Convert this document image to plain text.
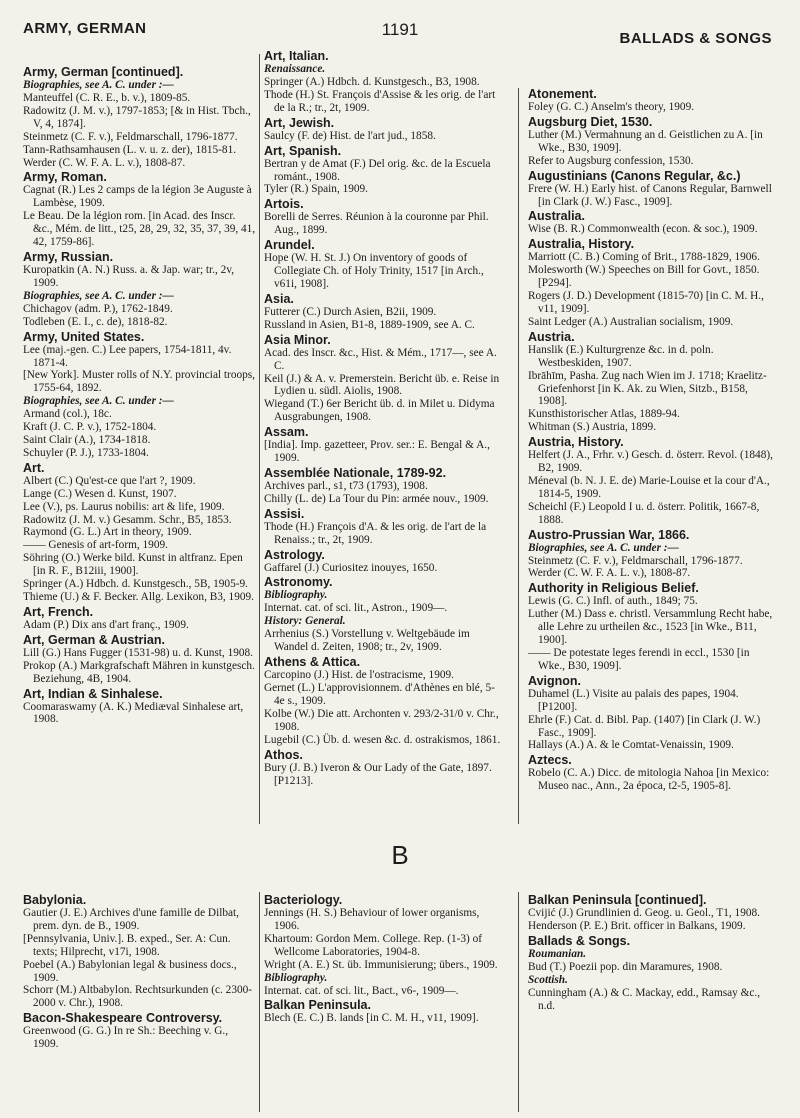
ARMY, GERMAN	1191	BALLADS & SONGS
Army, German [continued].
Biographies, see A. C. under :—
Manteuffel (C. R. E., b. v.), 1809-85.
Radowitz (J. M. v.), 1797-1853; [& in Hist. Tbch., V, 4, 1874].
Steinmetz (C. F. v.), Feldmarschall, 1796-1877.
Tann-Rathsamhausen (L. v. u. z. der), 1815-81.
Werder (C. W. F. A. L. v.), 1808-87.
Army, Roman.
Cagnat (R.) Les 2 camps de la légion 3e Auguste à Lambèse, 1909.
Le Beau. De la légion rom. [in Acad. des Inscr. &c., Mém. de litt., t25, 28, 29, 32, 35, 37, 39, 41, 42, 1759-86].
Army, Russian.
Kuropatkin (A. N.) Russ. a. & Jap. war; tr., 2v, 1909.
Biographies, see A. C. under :—
Chichagov (adm. P.), 1762-1849.
Todleben (E. I., c. de), 1818-82.
Army, United States.
Lee (maj.-gen. C.) Lee papers, 1754-1811, 4v. 1871-4.
[New York]. Muster rolls of N.Y. provincial troops, 1755-64, 1892.
Biographies, see A. C. under :—
Armand (col.), 18c.
Kraft (J. C. P. v.), 1752-1804.
Saint Clair (A.), 1734-1818.
Schuyler (P. J.), 1733-1804.
Art.
Albert (C.) Qu'est-ce que l'art ?, 1909.
Lange (C.) Wesen d. Kunst, 1907.
Lee (V.), ps. Laurus nobilis: art & life, 1909.
Radowitz (J. M. v.) Gesamm. Schr., B5, 1853.
Raymond (G. L.) Art in theory, 1909.
—— Genesis of art-form, 1909.
Söhring (O.) Werke bild. Kunst in altfranz. Epen [in R. F., B12iii, 1900].
Springer (A.) Hdbch. d. Kunstgesch., 5B, 1905-9.
Thieme (U.) & F. Becker. Allg. Lexikon, B3, 1909.
Art, French.
Adam (P.) Dix ans d'art franç., 1909.
Art, German & Austrian.
Lill (G.) Hans Fugger (1531-98) u. d. Kunst, 1908.
Prokop (A.) Markgrafschaft Mähren in kunstgesch. Beziehung, 4B, 1904.
Art, Indian & Sinhalese.
Coomaraswamy (A. K.) Mediæval Sinhalese art, 1908.
Art, Italian.
Renaissance.
Springer (A.) Hdbch. d. Kunstgesch., B3, 1908.
Thode (H.) St. François d'Assise & les orig. de l'art de la R.; tr., 2t, 1909.
Art, Jewish.
Saulcy (F. de) Hist. de l'art jud., 1858.
Art, Spanish.
Bertran y de Amat (F.) Del orig. &c. de la Escuela románt., 1908.
Tyler (R.) Spain, 1909.
Artois.
Borelli de Serres. Réunion à la couronne par Phil. Aug., 1899.
Arundel.
Hope (W. H. St. J.) On inventory of goods of Collegiate Ch. of Holy Trinity, 1517 [in Arch., v61i, 1908].
Asia.
Futterer (C.) Durch Asien, B2ii, 1909.
Russland in Asien, B1-8, 1889-1909, see A. C.
Asia Minor.
Acad. des Inscr. &c., Hist. & Mém., 1717—, see A. C.
Keil (J.) & A. v. Premerstein. Bericht üb. e. Reise in Lydien u. südl. Aiolis, 1908.
Wiegand (T.) 6er Bericht üb. d. in Milet u. Didyma Ausgrabungen, 1908.
Assam.
[India]. Imp. gazetteer, Prov. ser.: E. Bengal & A., 1909.
Assemblée Nationale, 1789-92.
Archives parl., s1, t73 (1793), 1908.
Chilly (L. de) La Tour du Pin: armée nouv., 1909.
Assisi.
Thode (H.) François d'A. & les orig. de l'art de la Renaiss.; tr., 2t, 1909.
Astrology.
Gaffarel (J.) Curiositez inouyes, 1650.
Astronomy.
Bibliography.
Internat. cat. of sci. lit., Astron., 1909—.
History: General.
Arrhenius (S.) Vorstellung v. Weltgebäude im Wandel d. Zeiten, 1908; tr., 2v, 1909.
Athens & Attica.
Carcopino (J.) Hist. de l'ostracisme, 1909.
Gernet (L.) L'approvisionnem. d'Athènes en blé, 5-4e s., 1909.
Kolbe (W.) Die att. Archonten v. 293/2-31/0 v. Chr., 1908.
Lugebil (C.) Üb. d. wesen &c. d. ostrakismos, 1861.
Athos.
Bury (J. B.) Iveron & Our Lady of the Gate, 1897. [P1213].
Atonement.
Foley (G. C.) Anselm's theory, 1909.
Augsburg Diet, 1530.
Luther (M.) Vermahnung an d. Geistlichen zu A. [in Wke., B30, 1909].
Refer to Augsburg confession, 1530.
Augustinians (Canons Regular, &c.)
Frere (W. H.) Early hist. of Canons Regular, Barnwell [in Clark (J. W.) Fasc., 1909].
Australia.
Wise (B. R.) Commonwealth (econ. & soc.), 1909.
Australia, History.
Marriott (C. B.) Coming of Brit., 1788-1829, 1906.
Molesworth (W.) Speeches on Bill for Govt., 1850. [P294].
Rogers (J. D.) Development (1815-70) [in C. M. H., v11, 1909].
Saint Ledger (A.) Australian socialism, 1909.
Austria.
Hanslik (E.) Kulturgrenze &c. in d. poln. Westbeskiden, 1907.
Ibrāhīm, Pasha. Zug nach Wien im J. 1718; Kraelitz-Griefenhorst [in K. Ak. zu Wien, Sitzb., B158, 1908].
Kunsthistorischer Atlas, 1889-94.
Whitman (S.) Austria, 1899.
Austria, History.
Helfert (J. A., Frhr. v.) Gesch. d. österr. Revol. (1848), B2, 1909.
Méneval (b. N. J. E. de) Marie-Louise et la cour d'A., 1814-5, 1909.
Scheichl (F.) Leopold I u. d. österr. Politik, 1667-8, 1888.
Austro-Prussian War, 1866.
Biographies, see A. C. under :—
Steinmetz (C. F. v.), Feldmarschall, 1796-1877.
Werder (C. W. F. A. L. v.), 1808-87.
Authority in Religious Belief.
Lewis (G. C.) Infl. of auth., 1849; 75.
Luther (M.) Dass e. christl. Versammlung Recht habe, alle Lehre zu urtheilen &c., 1523 [in Wke., B11, 1900].
—— De potestate leges ferendi in eccl., 1530 [in Wke., B30, 1909].
Avignon.
Duhamel (L.) Visite au palais des papes, 1904. [P1200].
Ehrle (F.) Cat. d. Bibl. Pap. (1407) [in Clark (J. W.) Fasc., 1909].
Hallays (A.) A. & le Comtat-Venaissin, 1909.
Aztecs.
Robelo (C. A.) Dicc. de mitologia Nahoa [in Mexico: Museo nac., Ann., 2a época, t2-5, 1905-8].
B
Babylonia.
Gautier (J. E.) Archives d'une famille de Dilbat, prem. dyn. de B., 1909.
[Pennsylvania, Univ.]. B. exped., Ser. A: Cun. texts; Hilprecht, v17i, 1908.
Poebel (A.) Babylonian legal & business docs., 1909.
Schorr (M.) Altbabylon. Rechtsurkunden (c. 2300-2000 v. Chr.), 1908.
Bacon-Shakespeare Controversy.
Greenwood (G. G.) In re Sh.: Beeching v. G., 1909.
Bacteriology.
Jennings (H. S.) Behaviour of lower organisms, 1906.
Khartoum: Gordon Mem. College. Rep. (1-3) of Wellcome Laboratories, 1904-8.
Wright (A. E.) St. üb. Immunisierung; übers., 1909.
Bibliography.
Internat. cat. of sci. lit., Bact., v6-, 1909—.
Balkan Peninsula.
Blech (E. C.) B. lands [in C. M. H., v11, 1909].
Balkan Peninsula [continued].
Cvijić (J.) Grundlinien d. Geog. u. Geol., T1, 1908.
Henderson (P. E.) Brit. officer in Balkans, 1909.
Ballads & Songs.
Roumanian.
Bud (T.) Poezii pop. din Maramures, 1908.
Scottish.
Cunningham (A.) & C. Mackay, edd., Ramsay &c., n.d.
